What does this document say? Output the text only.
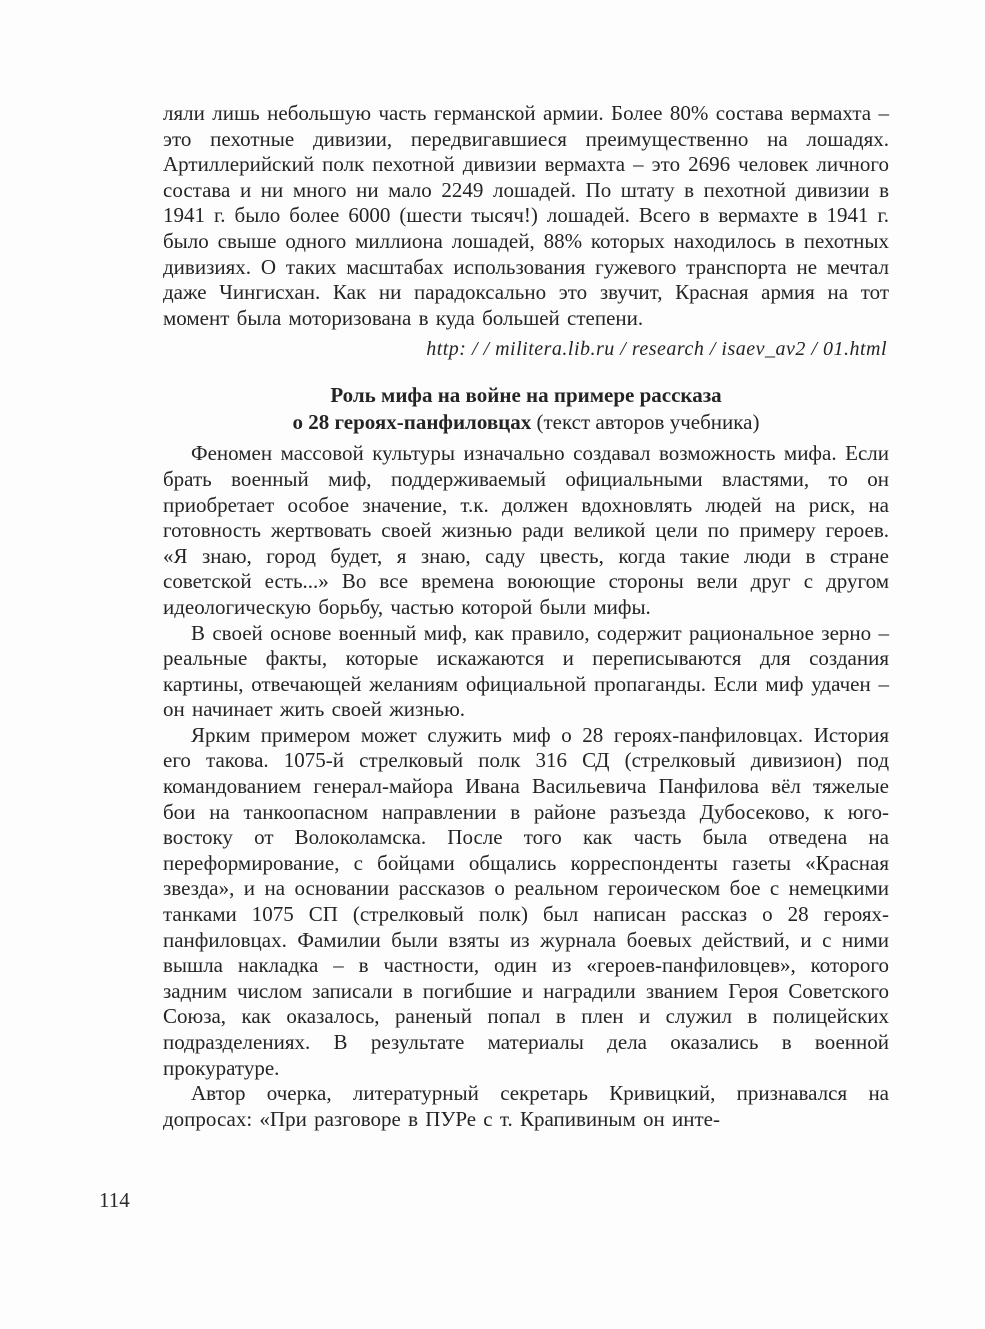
114

ляли лишь небольшую часть германской армии. Более 80% состава вермахта – это пехотные дивизии, передвигавшиеся преимущественно на лошадях. Артиллерийский полк пехотной дивизии вермахта – это 2696 человек личного состава и ни много ни мало 2249 лошадей. По штату в пехотной дивизии в 1941 г. было более 6000 (шести тысяч!) лошадей. Всего в вермахте в 1941 г. было свыше одного миллиона лошадей, 88% которых находилось в пехотных дивизиях. О таких масштабах использования гужевого транспорта не мечтал даже Чингисхан. Как ни парадоксально это звучит, Красная армия на тот момент была моторизована в куда большей степени.

http: / / militera.lib.ru / research / isaev_av2 / 01.html

Роль мифа на войне на примере рассказа
о 28 героях-панфиловцах (текст авторов учебника)

Феномен массовой культуры изначально создавал возможность мифа. Если брать военный миф, поддерживаемый официальными властями, то он приобретает особое значение, т.к. должен вдохновлять людей на риск, на готовность жертвовать своей жизнью ради великой цели по примеру героев. «Я знаю, город будет, я знаю, саду цвесть, когда такие люди в стране советской есть...» Во все времена воюющие стороны вели друг с другом идеологическую борьбу, частью которой были мифы.

В своей основе военный миф, как правило, содержит рациональное зерно – реальные факты, которые искажаются и переписываются для создания картины, отвечающей желаниям официальной пропаганды. Если миф удачен – он начинает жить своей жизнью.

Ярким примером может служить миф о 28 героях-панфиловцах. История его такова. 1075-й стрелковый полк 316 СД (стрелковый дивизион) под командованием генерал-майора Ивана Васильевича Панфилова вёл тяжелые бои на танкоопасном направлении в районе разъезда Дубосеково, к юго-востоку от Волоколамска. После того как часть была отведена на переформирование, с бойцами общались корреспонденты газеты «Красная звезда», и на основании рассказов о реальном героическом бое с немецкими танками 1075 СП (стрелковый полк) был написан рассказ о 28 героях-панфиловцах. Фамилии были взяты из журнала боевых действий, и с ними вышла накладка – в частности, один из «героев-панфиловцев», которого задним числом записали в погибшие и наградили званием Героя Советского Союза, как оказалось, раненый попал в плен и служил в полицейских подразделениях. В результате материалы дела оказались в военной прокуратуре.

Автор очерка, литературный секретарь Кривицкий, признавался на допросах: «При разговоре в ПУРе с т. Крапивиным он инте-
